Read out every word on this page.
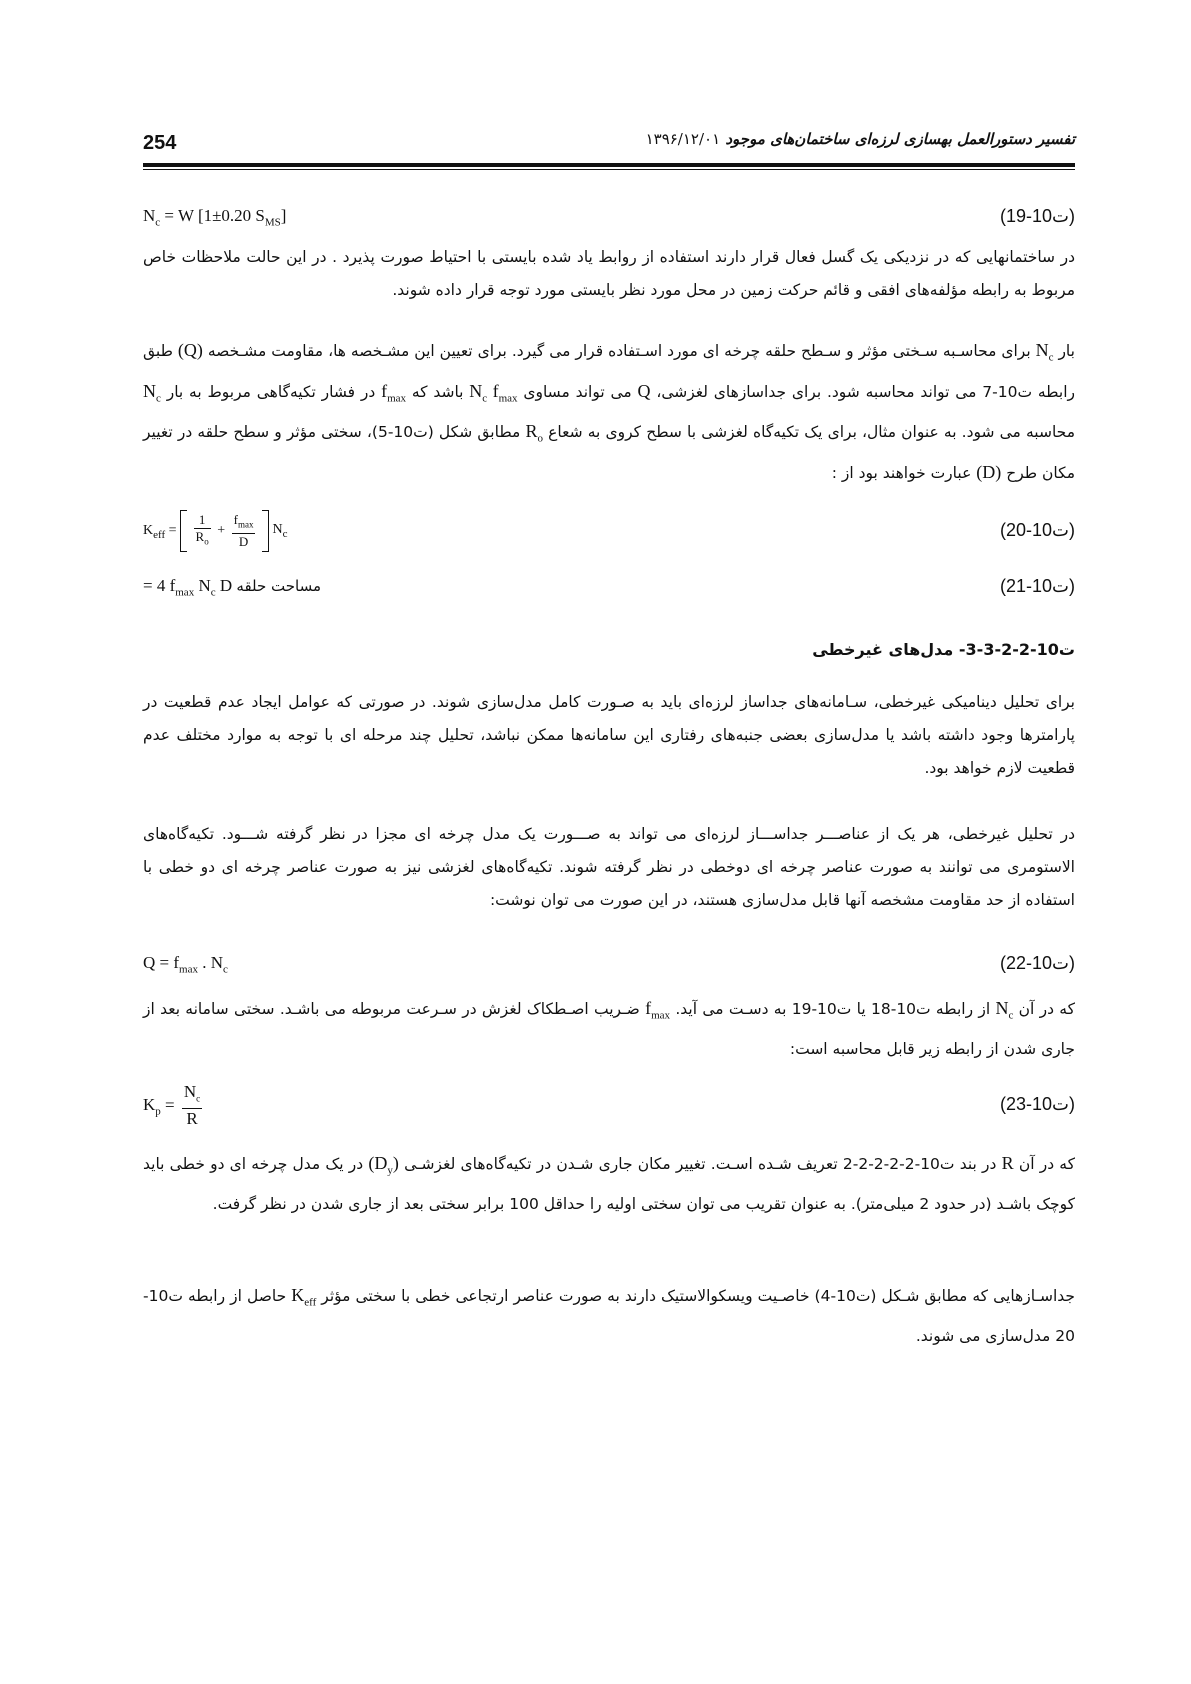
254	تفسیر دستورالعمل بهسازی لرزه‌ای ساختمان‌های موجود ۱۳۹۶/۱۲/۰۱
$N_c = W$ [1±0.20 $S_{MS}$]	(ت10-19)
در ساختمانهایی که در نزدیکی یک گسل فعال قرار دارند استفاده از روابط یاد شده بایستی با احتیاط صورت پذیرد . در این حالت ملاحظات خاص مربوط به رابطه مؤلفه‌های افقی و قائم حرکت زمین در محل مورد نظر بایستی مورد توجه قرار داده شوند.
بار $N_c$ برای محاسـبه سـختی مؤثر و سـطح حلقه چرخه ای مورد اسـتفاده قرار می گیرد. برای تعیین این مشـخصه ها، مقاومت مشـخصه (Q) طبق رابطه ت10-7 می تواند محاسبه شود. برای جداسازهای لغزشی، Q می تواند مساوی $N_c$ $f_{max}$ باشد که $f_{max}$ در فشار تکیه‌گاهی مربوط به بار $N_c$ محاسبه می شود. به عنوان مثال، برای یک تکیه‌گاه لغزشی با سطح کروی به شعاع $R_o$ مطابق شکل (ت10-5)، سختی مؤثر و سطح حلقه در تغییر مکان طرح (D) عبارت خواهند بود از :
$K_{eff} = \frac{1}{R_o} + \frac{f_{max}}{D} N_c$	(ت10-20)
مساحت حلقه = 4 $f_{max}$ $N_c$ D	(ت10-21)
ت10-2-2-3-3- مدل‌های غیرخطی
برای تحلیل دینامیکی غیرخطی، سـامانه‌های جداساز لرزه‌ای باید به صـورت کامل مدل‌سازی شوند. در صورتی که عوامل ایجاد عدم قطعیت در پارامترها وجود داشته باشد یا مدل‌سازی بعضی جنبه‌های رفتاری این سامانه‌ها ممکن نباشد، تحلیل چند مرحله ای با توجه به موارد مختلف عدم قطعیت لازم خواهد بود.
در تحلیل غیرخطی، هر یک از عناصـــر جداســـاز لرزه‌ای می تواند به صـــورت یک مدل چرخه ای مجزا در نظر گرفته شـــود. تکیه‌گاه‌های الاستومری می توانند به صورت عناصر چرخه ای دوخطی در نظر گرفته شوند. تکیه‌گاه‌های لغزشی نیز به صورت عناصر چرخه ای دو خطی با استفاده از حد مقاومت مشخصه آنها قابل مدل‌سازی هستند، در این صورت می توان نوشت:
$Q = f_{max}$ . $N_c$	(ت10-22)
که در آن $N_c$ از رابطه ت10-18 یا ت10-19 به دسـت می آید. $f_{max}$ ضـریب اصـطکاک لغزش در سـرعت مربوطه می باشـد. سختی سامانه بعد از جاری شدن از رابطه زیر قابل محاسبه است:
$K_p = \frac{N_c}{R}$	(ت10-23)
که در آن R در بند ت10-2-2-2-2-2 تعریف شـده اسـت. تغییر مکان جاری شـدن در تکیه‌گاه‌های لغزشـی $(D_y)$ در یک مدل چرخه ای دو خطی باید کوچک باشـد (در حدود 2 میلی‌متر). به عنوان تقریب می توان سختی اولیه را حداقل 100 برابر سختی بعد از جاری شدن در نظر گرفت.
جداسـازهایی که مطابق شـکل (ت10-4) خاصـیت ویسکوالاستیک دارند به صورت عناصر ارتجاعی خطی با سختی مؤثر $K_{eff}$ حاصل از رابطه ت10-20 مدل‌سازی می شوند.
